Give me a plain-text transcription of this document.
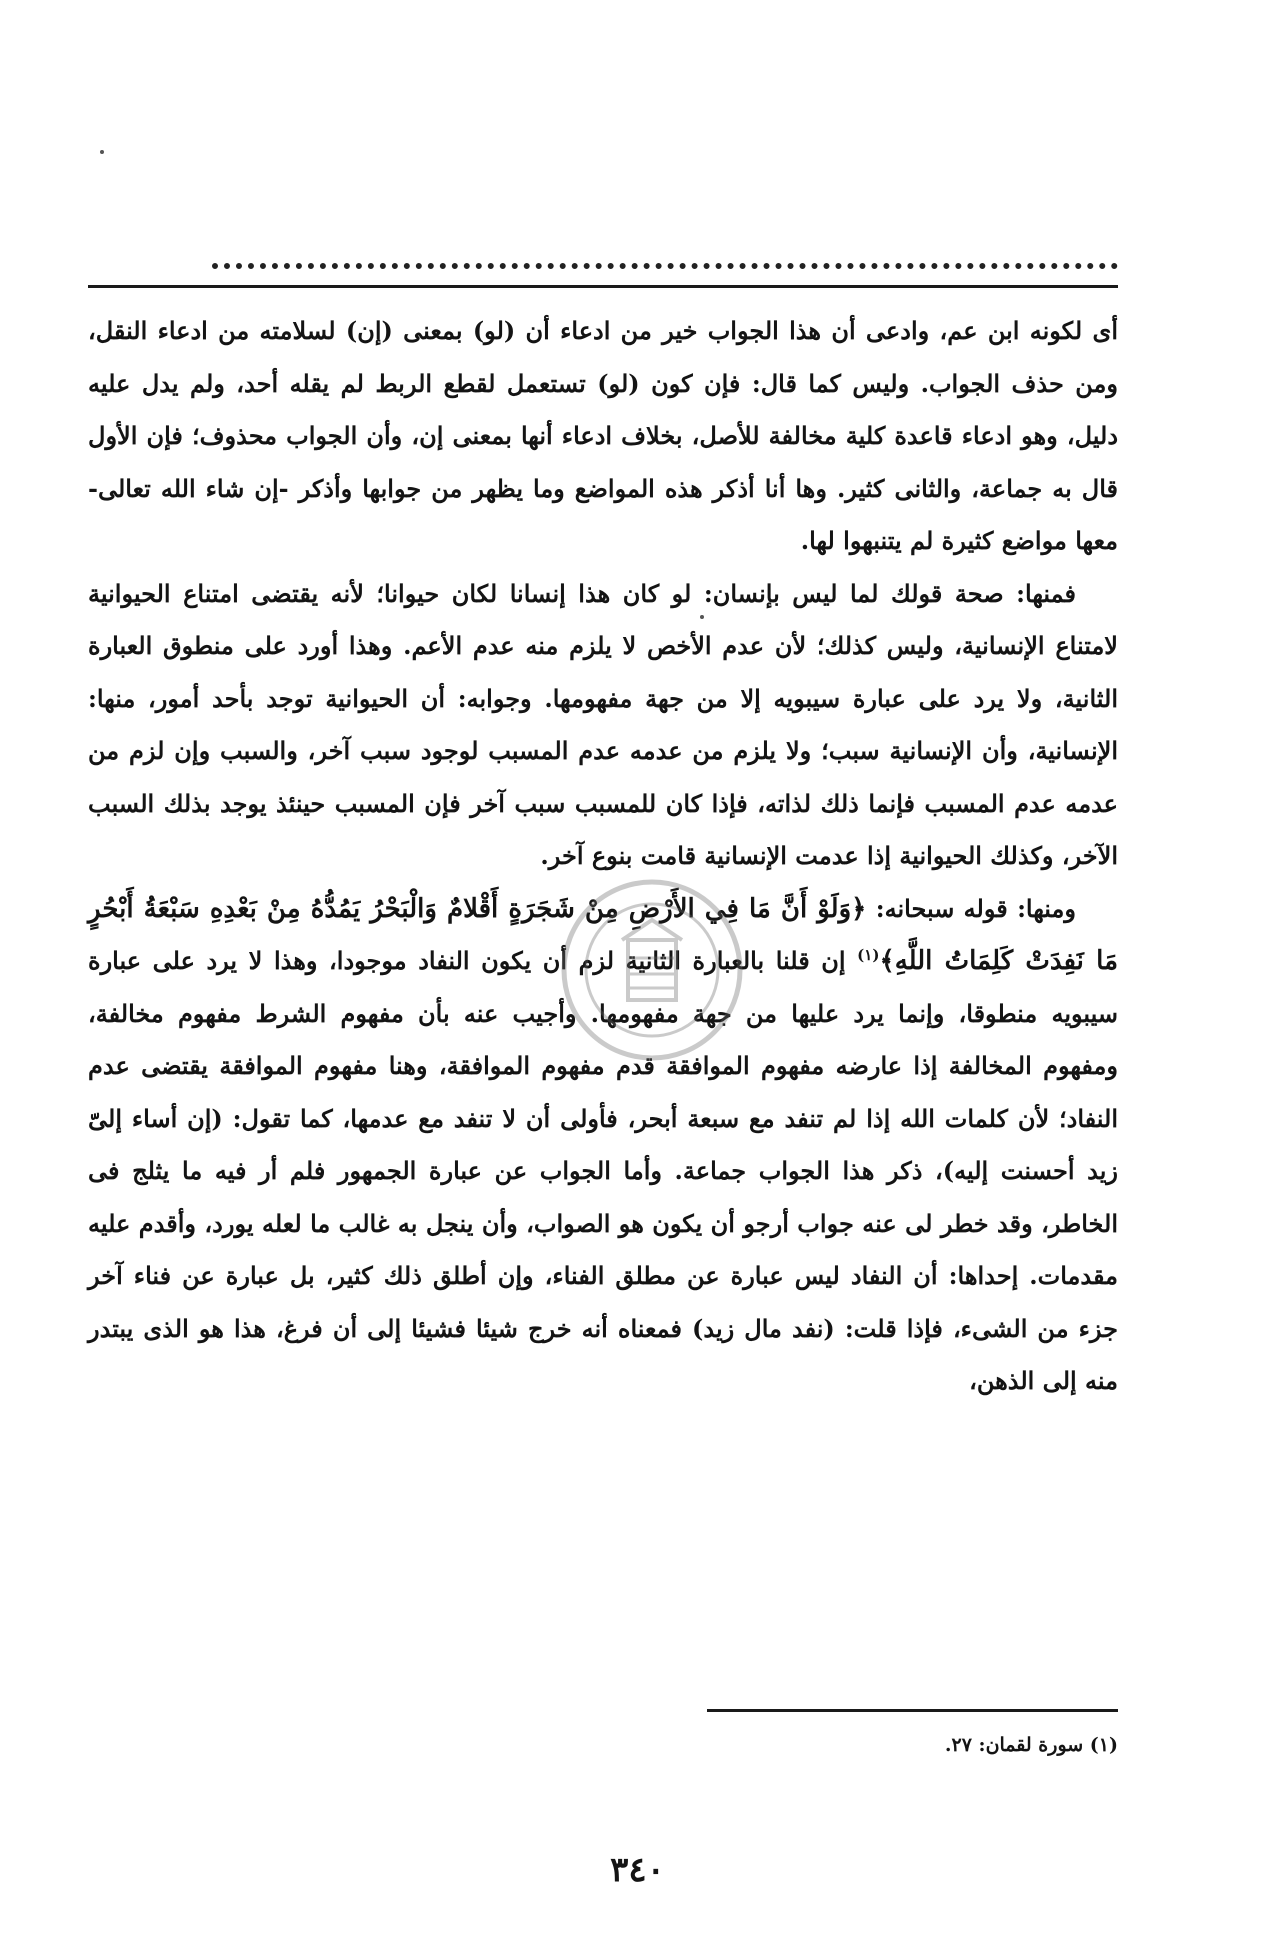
أى لكونه ابن عم، وادعى أن هذا الجواب خير من ادعاء أن (لو) بمعنى (إن) لسلامته من ادعاء النقل، ومن حذف الجواب. وليس كما قال: فإن كون (لو) تستعمل لقطع الربط لم يقله أحد، ولم يدل عليه دليل، وهو ادعاء قاعدة كلية مخالفة للأصل، بخلاف ادعاء أنها بمعنى إن، وأن الجواب محذوف؛ فإن الأول قال به جماعة، والثانى كثير. وها أنا أذكر هذه المواضع وما يظهر من جوابها وأذكر -إن شاء الله تعالى- معها مواضع كثيرة لم يتنبهوا لها.

فمنها: صحة قولك لما ليس بإنسان: لو كان هذا إنسانا لكان حيوانا؛ لأنه يقتضى امتناع الحيوانية لامتناع الإنسانية، وليس كذلك؛ لأن عدم الأخص لا يلزم منه عدم الأعم. وهذا أورد على منطوق العبارة الثانية، ولا يرد على عبارة سيبويه إلا من جهة مفهومها. وجوابه: أن الحيوانية توجد بأحد أمور، منها: الإنسانية، وأن الإنسانية سبب؛ ولا يلزم من عدمه عدم المسبب لوجود سبب آخر، والسبب وإن لزم من عدمه عدم المسبب فإنما ذلك لذاته، فإذا كان للمسبب سبب آخر فإن المسبب حينئذ يوجد بذلك السبب الآخر، وكذلك الحيوانية إذا عدمت الإنسانية قامت بنوع آخر.

ومنها: قوله سبحانه: ﴿وَلَوْ أَنَّ مَا فِي الأَرْضِ مِنْ شَجَرَةٍ أَقْلامٌ وَالْبَحْرُ يَمُدُّهُ مِنْ بَعْدِهِ سَبْعَةُ أَبْحُرٍ مَا نَفِدَتْ كَلِمَاتُ اللَّهِ﴾$^{(١)}$ إن قلنا بالعبارة الثانية لزم أن يكون النفاد موجودا، وهذا لا يرد على عبارة سيبويه منطوقا، وإنما يرد عليها من جهة مفهومها. وأجيب عنه بأن مفهوم الشرط مفهوم مخالفة، ومفهوم المخالفة إذا عارضه مفهوم الموافقة قدم مفهوم الموافقة، وهنا مفهوم الموافقة يقتضى عدم النفاد؛ لأن كلمات الله إذا لم تنفد مع سبعة أبحر، فأولى أن لا تنفد مع عدمها، كما تقول: (إن أساء إلىّ زيد أحسنت إليه)، ذكر هذا الجواب جماعة. وأما الجواب عن عبارة الجمهور فلم أر فيه ما يثلج فى الخاطر، وقد خطر لى عنه جواب أرجو أن يكون هو الصواب، وأن ينجل به غالب ما لعله يورد، وأقدم عليه مقدمات. إحداها: أن النفاد ليس عبارة عن مطلق الفناء، وإن أطلق ذلك كثير، بل عبارة عن فناء آخر جزء من الشىء، فإذا قلت: (نفد مال زيد) فمعناه أنه خرج شيئا فشيئا إلى أن فرغ، هذا هو الذى يبتدر منه إلى الذهن،

(١) سورة لقمان: ٢٧.
٣٤٠
